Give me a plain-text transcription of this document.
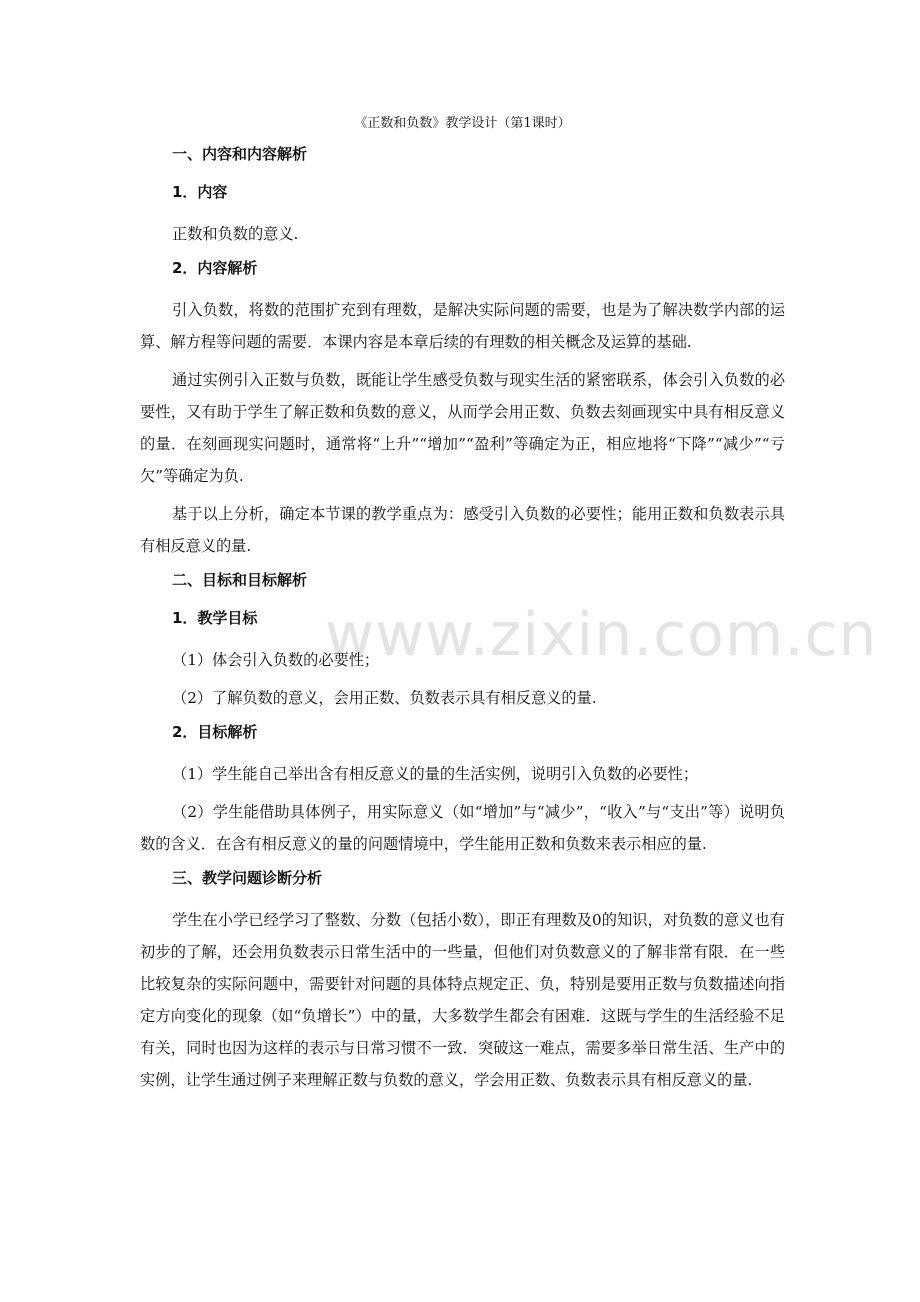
www.zixin.com.cn
《正数和负数》教学设计（第1课时）
一、内容和内容解析
1．内容
正数和负数的意义.
2．内容解析
引入负数，将数的范围扩充到有理数，是解决实际问题的需要，也是为了解决数学内部的运算、解方程等问题的需要．本课内容是本章后续的有理数的相关概念及运算的基础.
通过实例引入正数与负数，既能让学生感受负数与现实生活的紧密联系，体会引入负数的必要性，又有助于学生了解正数和负数的意义，从而学会用正数、负数去刻画现实中具有相反意义的量．在刻画现实问题时，通常将“上升”“增加”“盈利”等确定为正，相应地将“下降”“减少”“亏欠”等确定为负.
基于以上分析，确定本节课的教学重点为：感受引入负数的必要性；能用正数和负数表示具有相反意义的量.
二、目标和目标解析
1．教学目标
（1）体会引入负数的必要性；
（2）了解负数的意义，会用正数、负数表示具有相反意义的量.
2．目标解析
（1）学生能自己举出含有相反意义的量的生活实例，说明引入负数的必要性；
（2）学生能借助具体例子，用实际意义（如“增加”与“减少”，“收入”与“支出”等）说明负数的含义．在含有相反意义的量的问题情境中，学生能用正数和负数来表示相应的量.
三、教学问题诊断分析
学生在小学已经学习了整数、分数（包括小数），即正有理数及0的知识，对负数的意义也有初步的了解，还会用负数表示日常生活中的一些量，但他们对负数意义的了解非常有限．在一些比较复杂的实际问题中，需要针对问题的具体特点规定正、负，特别是要用正数与负数描述向指定方向变化的现象（如“负增长”）中的量，大多数学生都会有困难．这既与学生的生活经验不足有关，同时也因为这样的表示与日常习惯不一致．突破这一难点，需要多举日常生活、生产中的实例，让学生通过例子来理解正数与负数的意义，学会用正数、负数表示具有相反意义的量.
